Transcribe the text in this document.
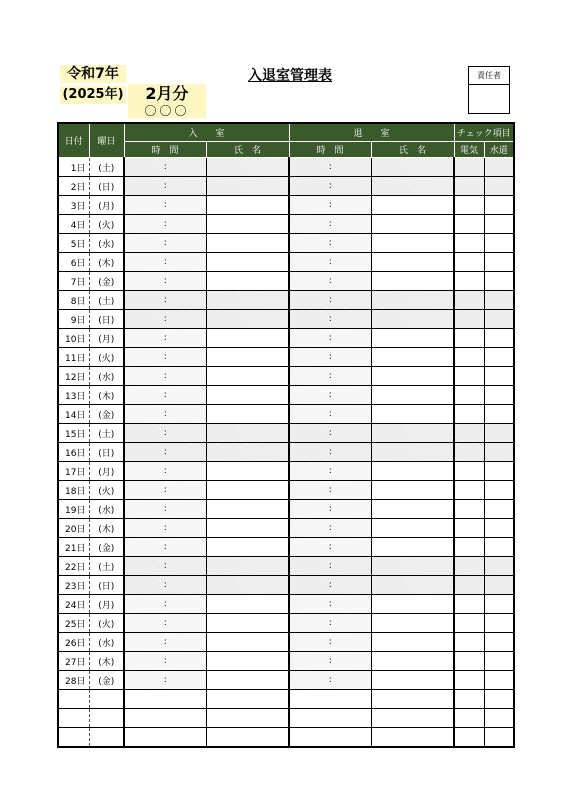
令和7年
(2025年)	2月分
〇〇〇
入退室管理表	責任者
日付	曜日	入　　室		退　　室		チェック項目	
		時　間	氏　名	時　間	氏　名	電気	水道
1日	(土)	:		:			
2日	(日)	:		:			
3日	(月)	:		:			
4日	(火)	:		:			
5日	(水)	:		:			
6日	(木)	:		:			
7日	(金)	:		:			
8日	(土)	:		:			
9日	(日)	:		:			
10日	(月)	:		:			
11日	(火)	:		:			
12日	(水)	:		:			
13日	(木)	:		:			
14日	(金)	:		:			
15日	(土)	:		:			
16日	(日)	:		:			
17日	(月)	:		:			
18日	(火)	:		:			
19日	(水)	:		:			
20日	(木)	:		:			
21日	(金)	:		:			
22日	(土)	:		:			
23日	(日)	:		:			
24日	(月)	:		:			
25日	(火)	:		:			
26日	(水)	:		:			
27日	(木)	:		:			
28日	(金)	:		:			
